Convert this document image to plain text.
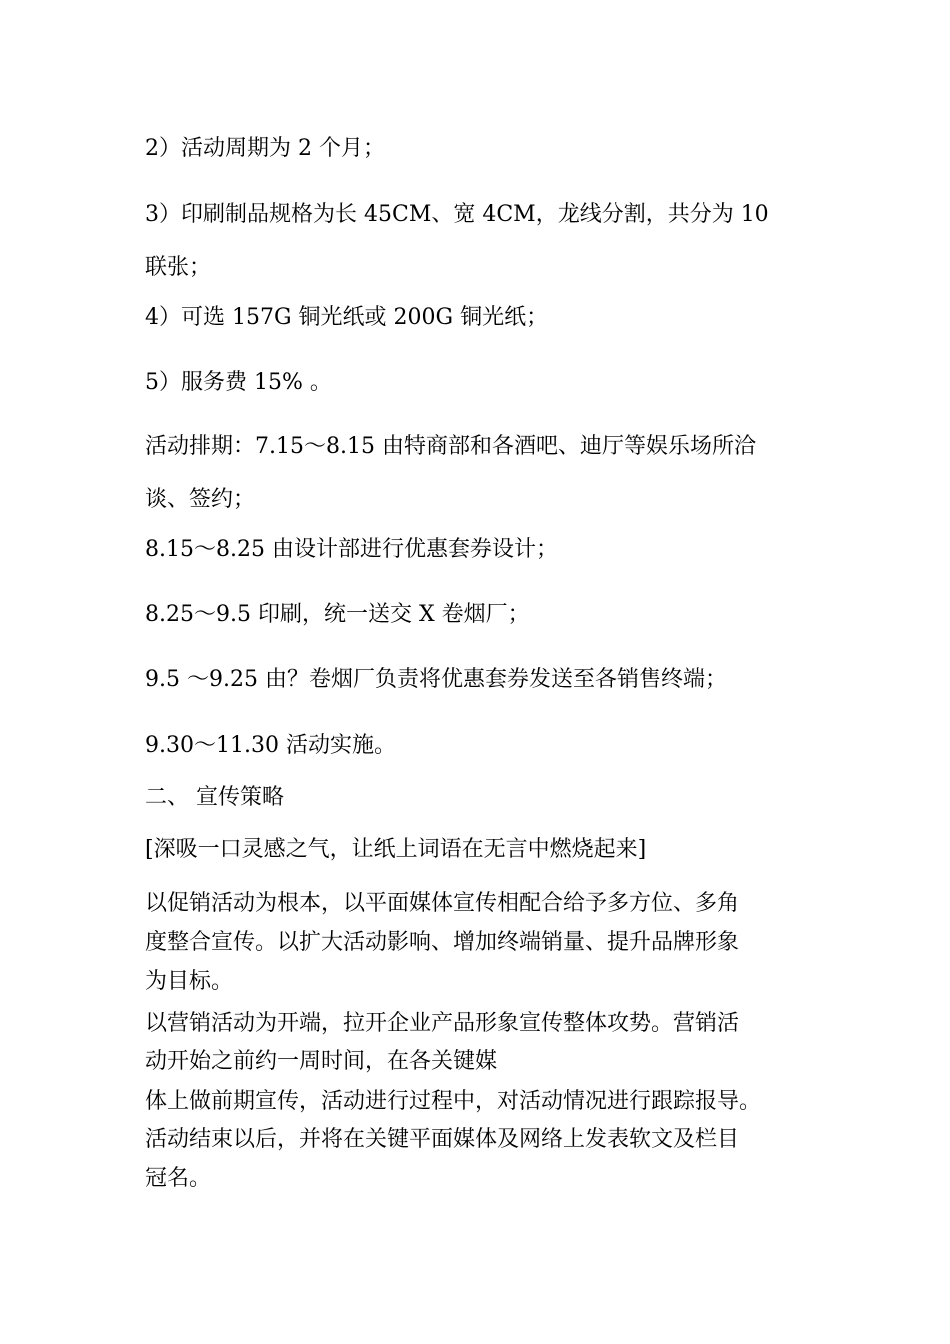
2）活动周期为 2 个月；

3）印刷制品规格为长 45CM、宽 4CM，龙线分割，共分为 10

联张；

4）可选 157G 铜光纸或 200G 铜光纸；

5）服务费 15% 。

活动排期：7.15～8.15 由特商部和各酒吧、迪厅等娱乐场所洽

谈、签约；

8.15～8.25 由设计部进行优惠套券设计；

8.25～9.5 印刷，统一送交 X 卷烟厂；

9.5 ～9.25 由？卷烟厂负责将优惠套券发送至各销售终端；

9.30～11.30 活动实施。

二、 宣传策略

[深吸一口灵感之气，让纸上词语在无言中燃烧起来]

以促销活动为根本，以平面媒体宣传相配合给予多方位、多角

度整合宣传。以扩大活动影响、增加终端销量、提升品牌形象

为目标。

以营销活动为开端，拉开企业产品形象宣传整体攻势。营销活

动开始之前约一周时间，在各关键媒

体上做前期宣传，活动进行过程中，对活动情况进行跟踪报导。

活动结束以后，并将在关键平面媒体及网络上发表软文及栏目

冠名。
